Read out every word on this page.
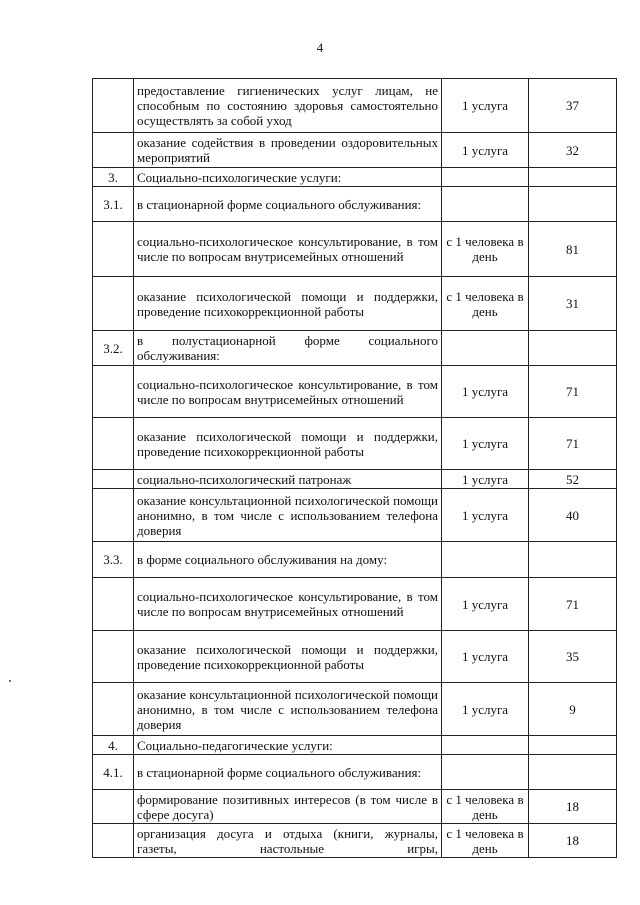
4
	предоставление гигиенических услуг лицам, не способным по состоянию здоровья самостоятельно осуществлять за собой уход	1 услуга	37
	оказание содействия в проведении оздоровительных мероприятий	1 услуга	32
3.	Социально-психологические услуги:		
3.1.	в стационарной форме социального обслуживания:		
	социально-психологическое консультирование, в том числе по вопросам внутрисемейных отношений	с 1 человека в день	81
	оказание психологической помощи и поддержки, проведение психокоррекционной работы	с 1 человека в день	31
3.2.	в полустационарной форме социального обслуживания:		
	социально-психологическое консультирование, в том числе по вопросам внутрисемейных отношений	1 услуга	71
	оказание психологической помощи и поддержки, проведение психокоррекционной работы	1 услуга	71
	социально-психологический патронаж	1 услуга	52
	оказание консультационной психологической помощи анонимно, в том числе с использованием телефона доверия	1 услуга	40
3.3.	в форме социального обслуживания на дому:		
	социально-психологическое консультирование, в том числе по вопросам внутрисемейных отношений	1 услуга	71
	оказание психологической помощи и поддержки, проведение психокоррекционной работы	1 услуга	35
	оказание консультационной психологической помощи анонимно, в том числе с использованием телефона доверия	1 услуга	9
4.	Социально-педагогические услуги:		
4.1.	в стационарной форме социального обслуживания:		
	формирование позитивных интересов (в том числе в сфере досуга)	с 1 человека в день	18
	организация досуга и отдыха (книги, журналы, газеты, настольные игры,	с 1 человека в день	18
